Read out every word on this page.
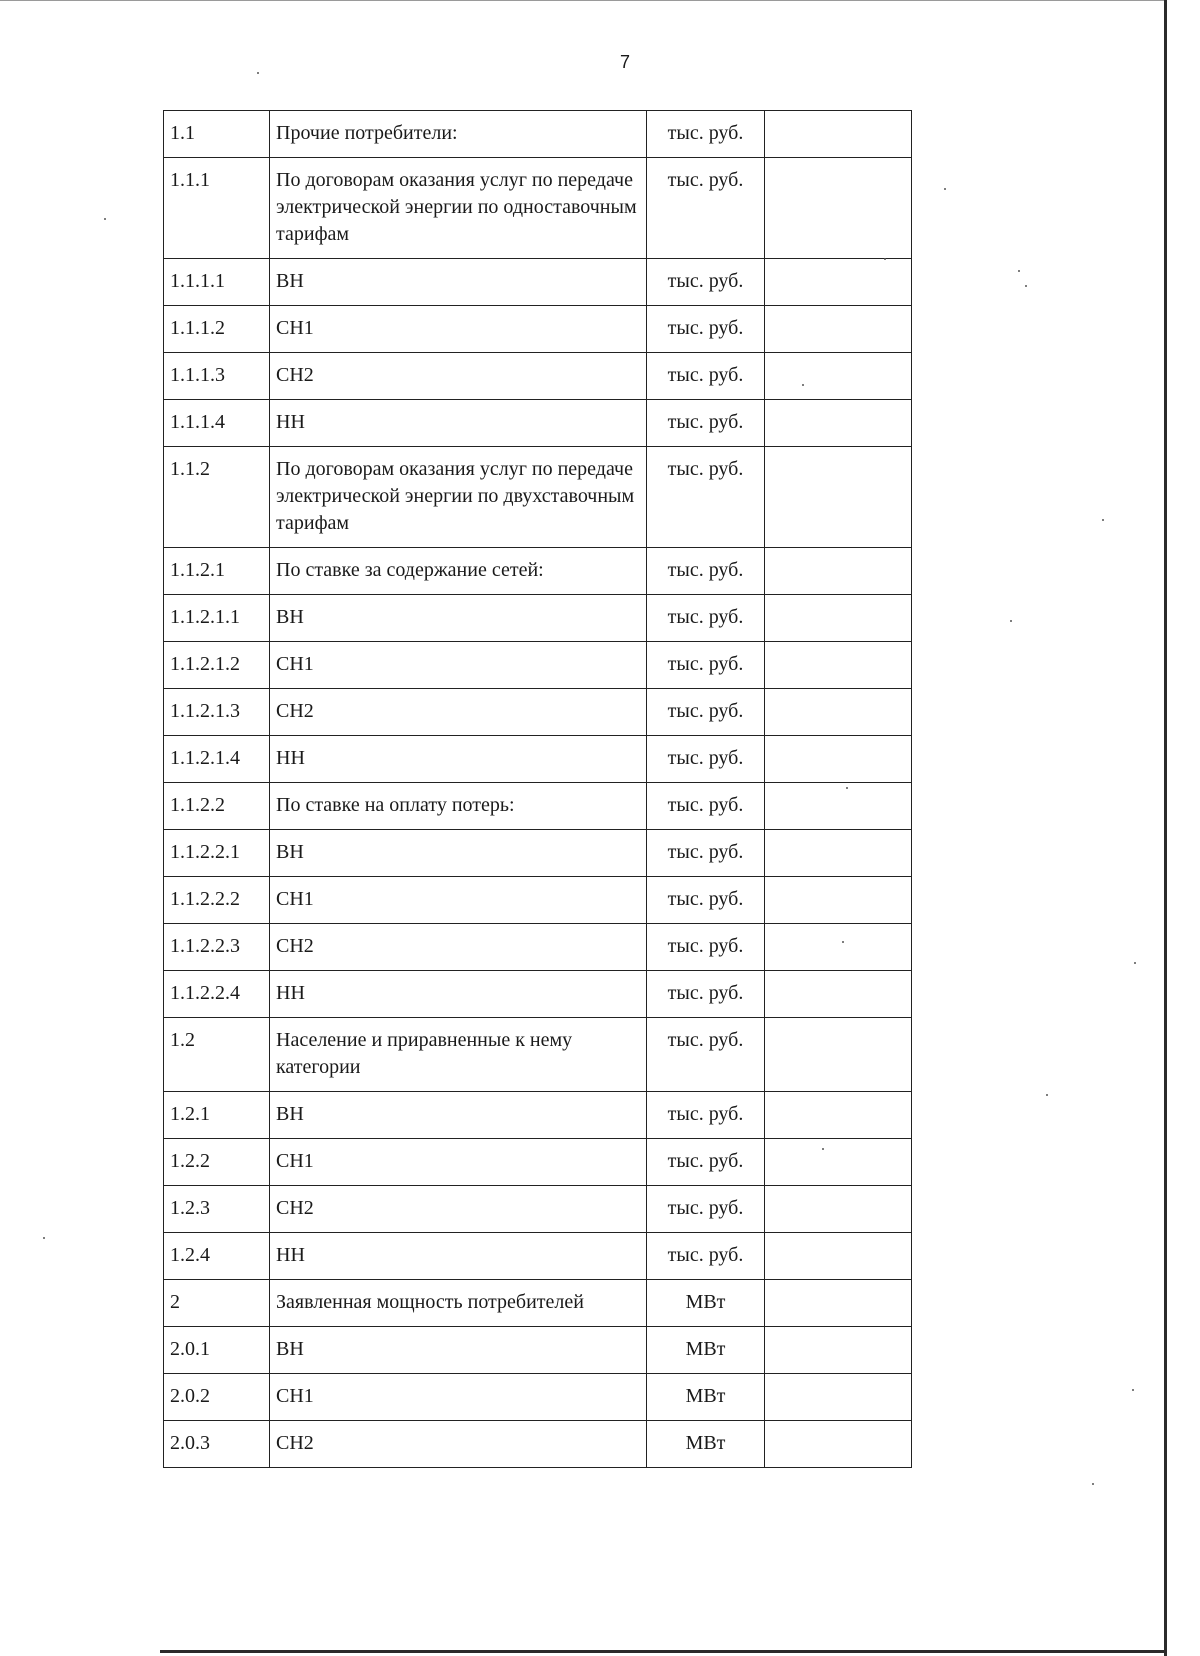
7
1.1	Прочие потребители:	тыс. руб.	
1.1.1	По договорам оказания услуг по передаче электрической энергии по одноставочным тарифам	тыс. руб.	
1.1.1.1	ВН	тыс. руб.	
1.1.1.2	СН1	тыс. руб.	
1.1.1.3	СН2	тыс. руб.	
1.1.1.4	НН	тыс. руб.	
1.1.2	По договорам оказания услуг по передаче электрической энергии по двухставочным тарифам	тыс. руб.	
1.1.2.1	По ставке за содержание сетей:	тыс. руб.	
1.1.2.1.1	ВН	тыс. руб.	
1.1.2.1.2	СН1	тыс. руб.	
1.1.2.1.3	СН2	тыс. руб.	
1.1.2.1.4	НН	тыс. руб.	
1.1.2.2	По ставке на оплату потерь:	тыс. руб.	
1.1.2.2.1	ВН	тыс. руб.	
1.1.2.2.2	СН1	тыс. руб.	
1.1.2.2.3	СН2	тыс. руб.	
1.1.2.2.4	НН	тыс. руб.	
1.2	Население и приравненные к нему категории	тыс. руб.	
1.2.1	ВН	тыс. руб.	
1.2.2	СН1	тыс. руб.	
1.2.3	СН2	тыс. руб.	
1.2.4	НН	тыс. руб.	
2	Заявленная мощность потребителей	МВт	
2.0.1	ВН	МВт	
2.0.2	СН1	МВт	
2.0.3	СН2	МВт	
